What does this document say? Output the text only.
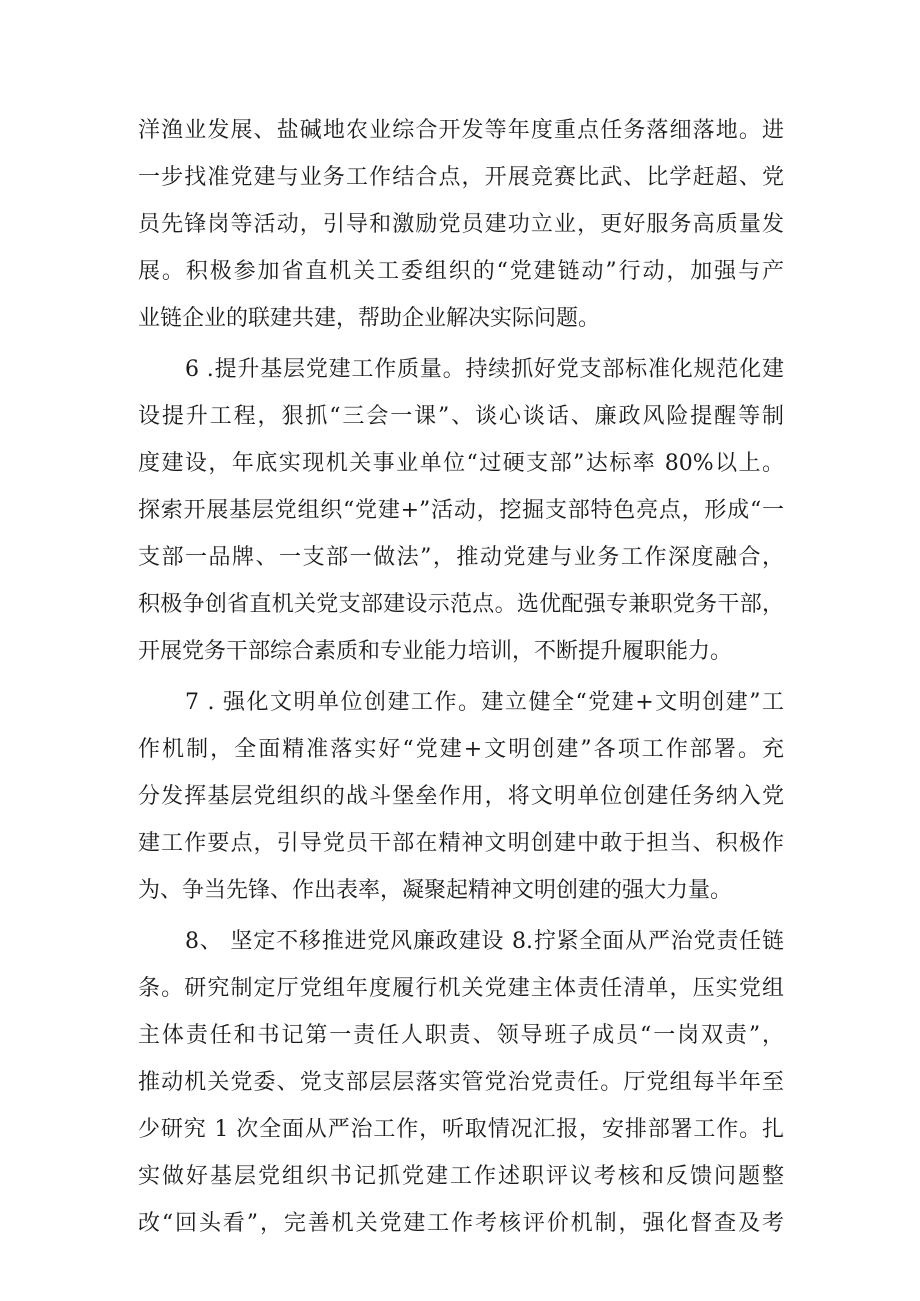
洋渔业发展、盐碱地农业综合开发等年度重点任务落细落地。进
一步找准党建与业务工作结合点，开展竞赛比武、比学赶超、党
员先锋岗等活动，引导和激励党员建功立业，更好服务高质量发
展。积极参加省直机关工委组织的“党建链动”行动，加强与产
业链企业的联建共建，帮助企业解决实际问题。
6 .提升基层党建工作质量。持续抓好党支部标准化规范化建
设提升工程，狠抓“三会一课”、谈心谈话、廉政风险提醒等制
度建设，年底实现机关事业单位“过硬支部”达标率 80%以上。
探索开展基层党组织“党建+”活动，挖掘支部特色亮点，形成“一
支部一品牌、一支部一做法”，推动党建与业务工作深度融合，
积极争创省直机关党支部建设示范点。选优配强专兼职党务干部，
开展党务干部综合素质和专业能力培训，不断提升履职能力。
7 . 强化文明单位创建工作。建立健全“党建+文明创建”工
作机制，全面精准落实好“党建+文明创建”各项工作部署。充
分发挥基层党组织的战斗堡垒作用，将文明单位创建任务纳入党
建工作要点，引导党员干部在精神文明创建中敢于担当、积极作
为、争当先锋、作出表率，凝聚起精神文明创建的强大力量。
8、 坚定不移推进党风廉政建设 8.拧紧全面从严治党责任链
条。研究制定厅党组年度履行机关党建主体责任清单，压实党组
主体责任和书记第一责任人职责、领导班子成员“一岗双责”，
推动机关党委、党支部层层落实管党治党责任。厅党组每半年至
少研究 1 次全面从严治工作，听取情况汇报，安排部署工作。扎
实做好基层党组织书记抓党建工作述职评议考核和反馈问题整
改“回头看”，完善机关党建工作考核评价机制，强化督查及考
